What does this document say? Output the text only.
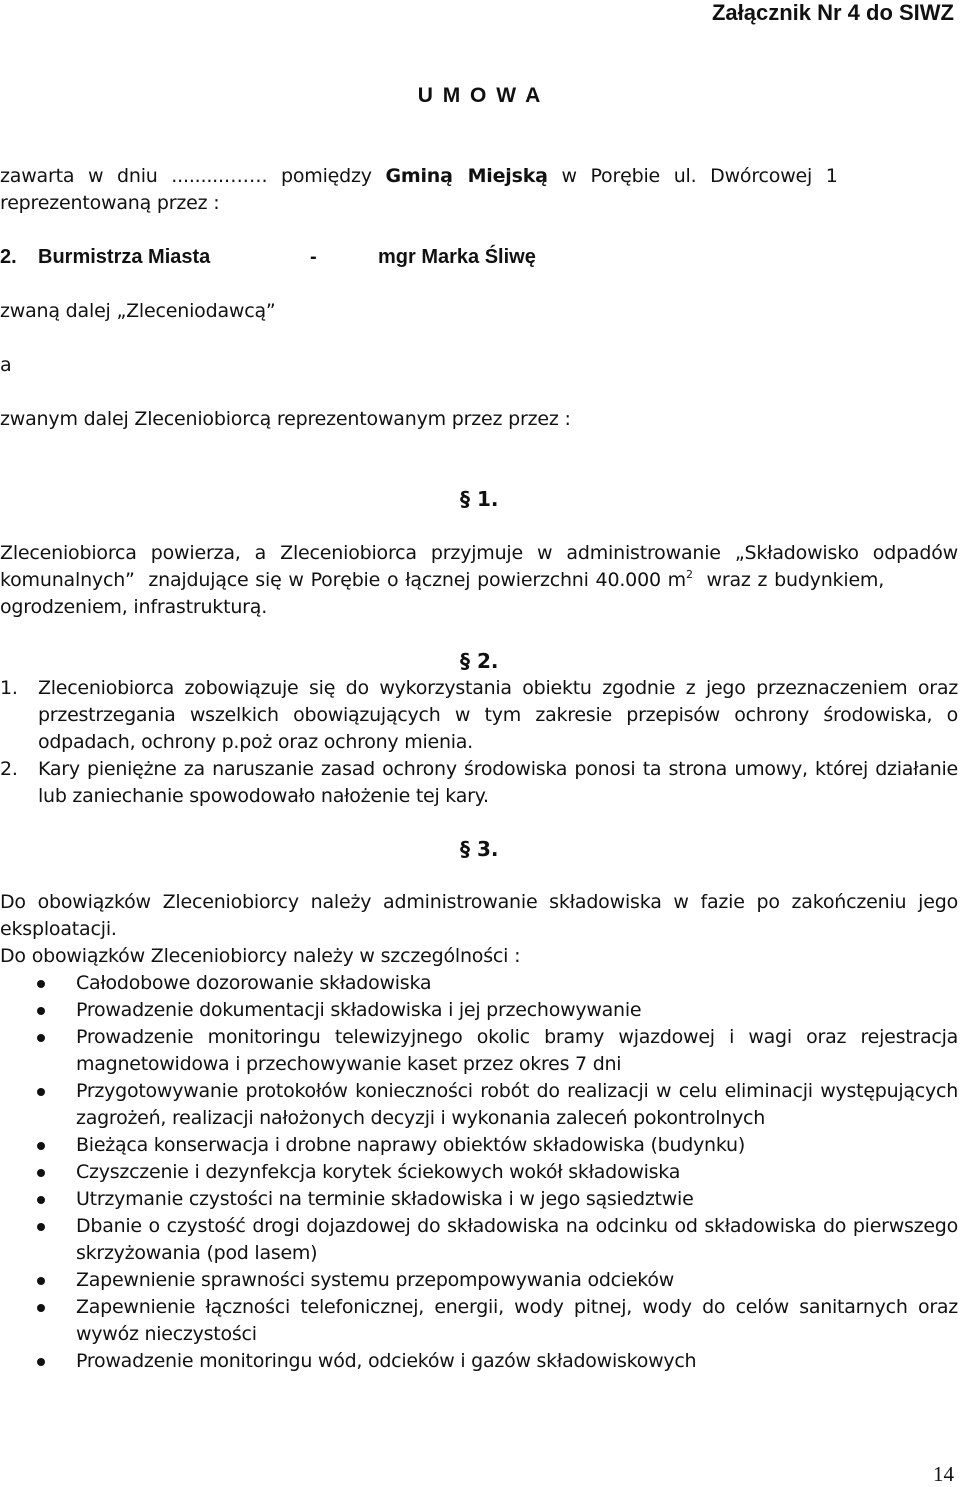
Załącznik Nr 4 do SIWZ

U M O W A

zawarta  w  dniu  .........…….  pomiędzy  Gminą  Miejską  w  Porębie  ul.  Dwórcowej  1

reprezentowaną przez :

2. Burmistrza Miasta	-	mgr Marka Śliwę

zwaną dalej „Zleceniodawcą”

a

zwanym dalej Zleceniobiorcą reprezentowanym przez przez :

§ 1.

Zleceniobiorca powierza, a Zleceniobiorca przyjmuje w administrowanie „Składowisko odpadów

komunalnych”  znajdujące się w Porębie o łącznej powierzchni 40.000 $m^2$  wraz z budynkiem,

ogrodzeniem, infrastrukturą.

§ 2.

1. Zleceniobiorca zobowiązuje się do wykorzystania obiektu zgodnie z jego przeznaczeniem oraz przestrzegania wszelkich obowiązujących w tym zakresie przepisów ochrony środowiska, o odpadach, ochrony p.poż oraz ochrony mienia.
2. Kary pieniężne za naruszanie zasad ochrony środowiska ponosi ta strona umowy, której działanie lub zaniechanie spowodowało nałożenie tej kary.

§ 3.

Do obowiązków Zleceniobiorcy należy administrowanie składowiska w fazie po zakończeniu jego

eksploatacji.

Do obowiązków Zleceniobiorcy należy w szczególności :

Całodobowe dozorowanie składowiska
Prowadzenie dokumentacji składowiska i jej przechowywanie
Prowadzenie monitoringu telewizyjnego okolic bramy wjazdowej i wagi oraz rejestracja magnetowidowa i przechowywanie kaset przez okres 7 dni
Przygotowywanie protokołów konieczności robót do realizacji w celu eliminacji występujących zagrożeń, realizacji nałożonych decyzji i wykonania zaleceń pokontrolnych
Bieżąca konserwacja i drobne naprawy obiektów składowiska (budynku)
Czyszczenie i dezynfekcja korytek ściekowych wokół składowiska
Utrzymanie czystości na terminie składowiska i w jego sąsiedztwie
Dbanie o czystość drogi dojazdowej do składowiska na odcinku od składowiska do pierwszego skrzyżowania (pod lasem)
Zapewnienie sprawności systemu przepompowywania odcieków
Zapewnienie łączności telefonicznej, energii, wody pitnej, wody do celów sanitarnych oraz wywóz nieczystości
Prowadzenie monitoringu wód, odcieków i gazów składowiskowych

14
